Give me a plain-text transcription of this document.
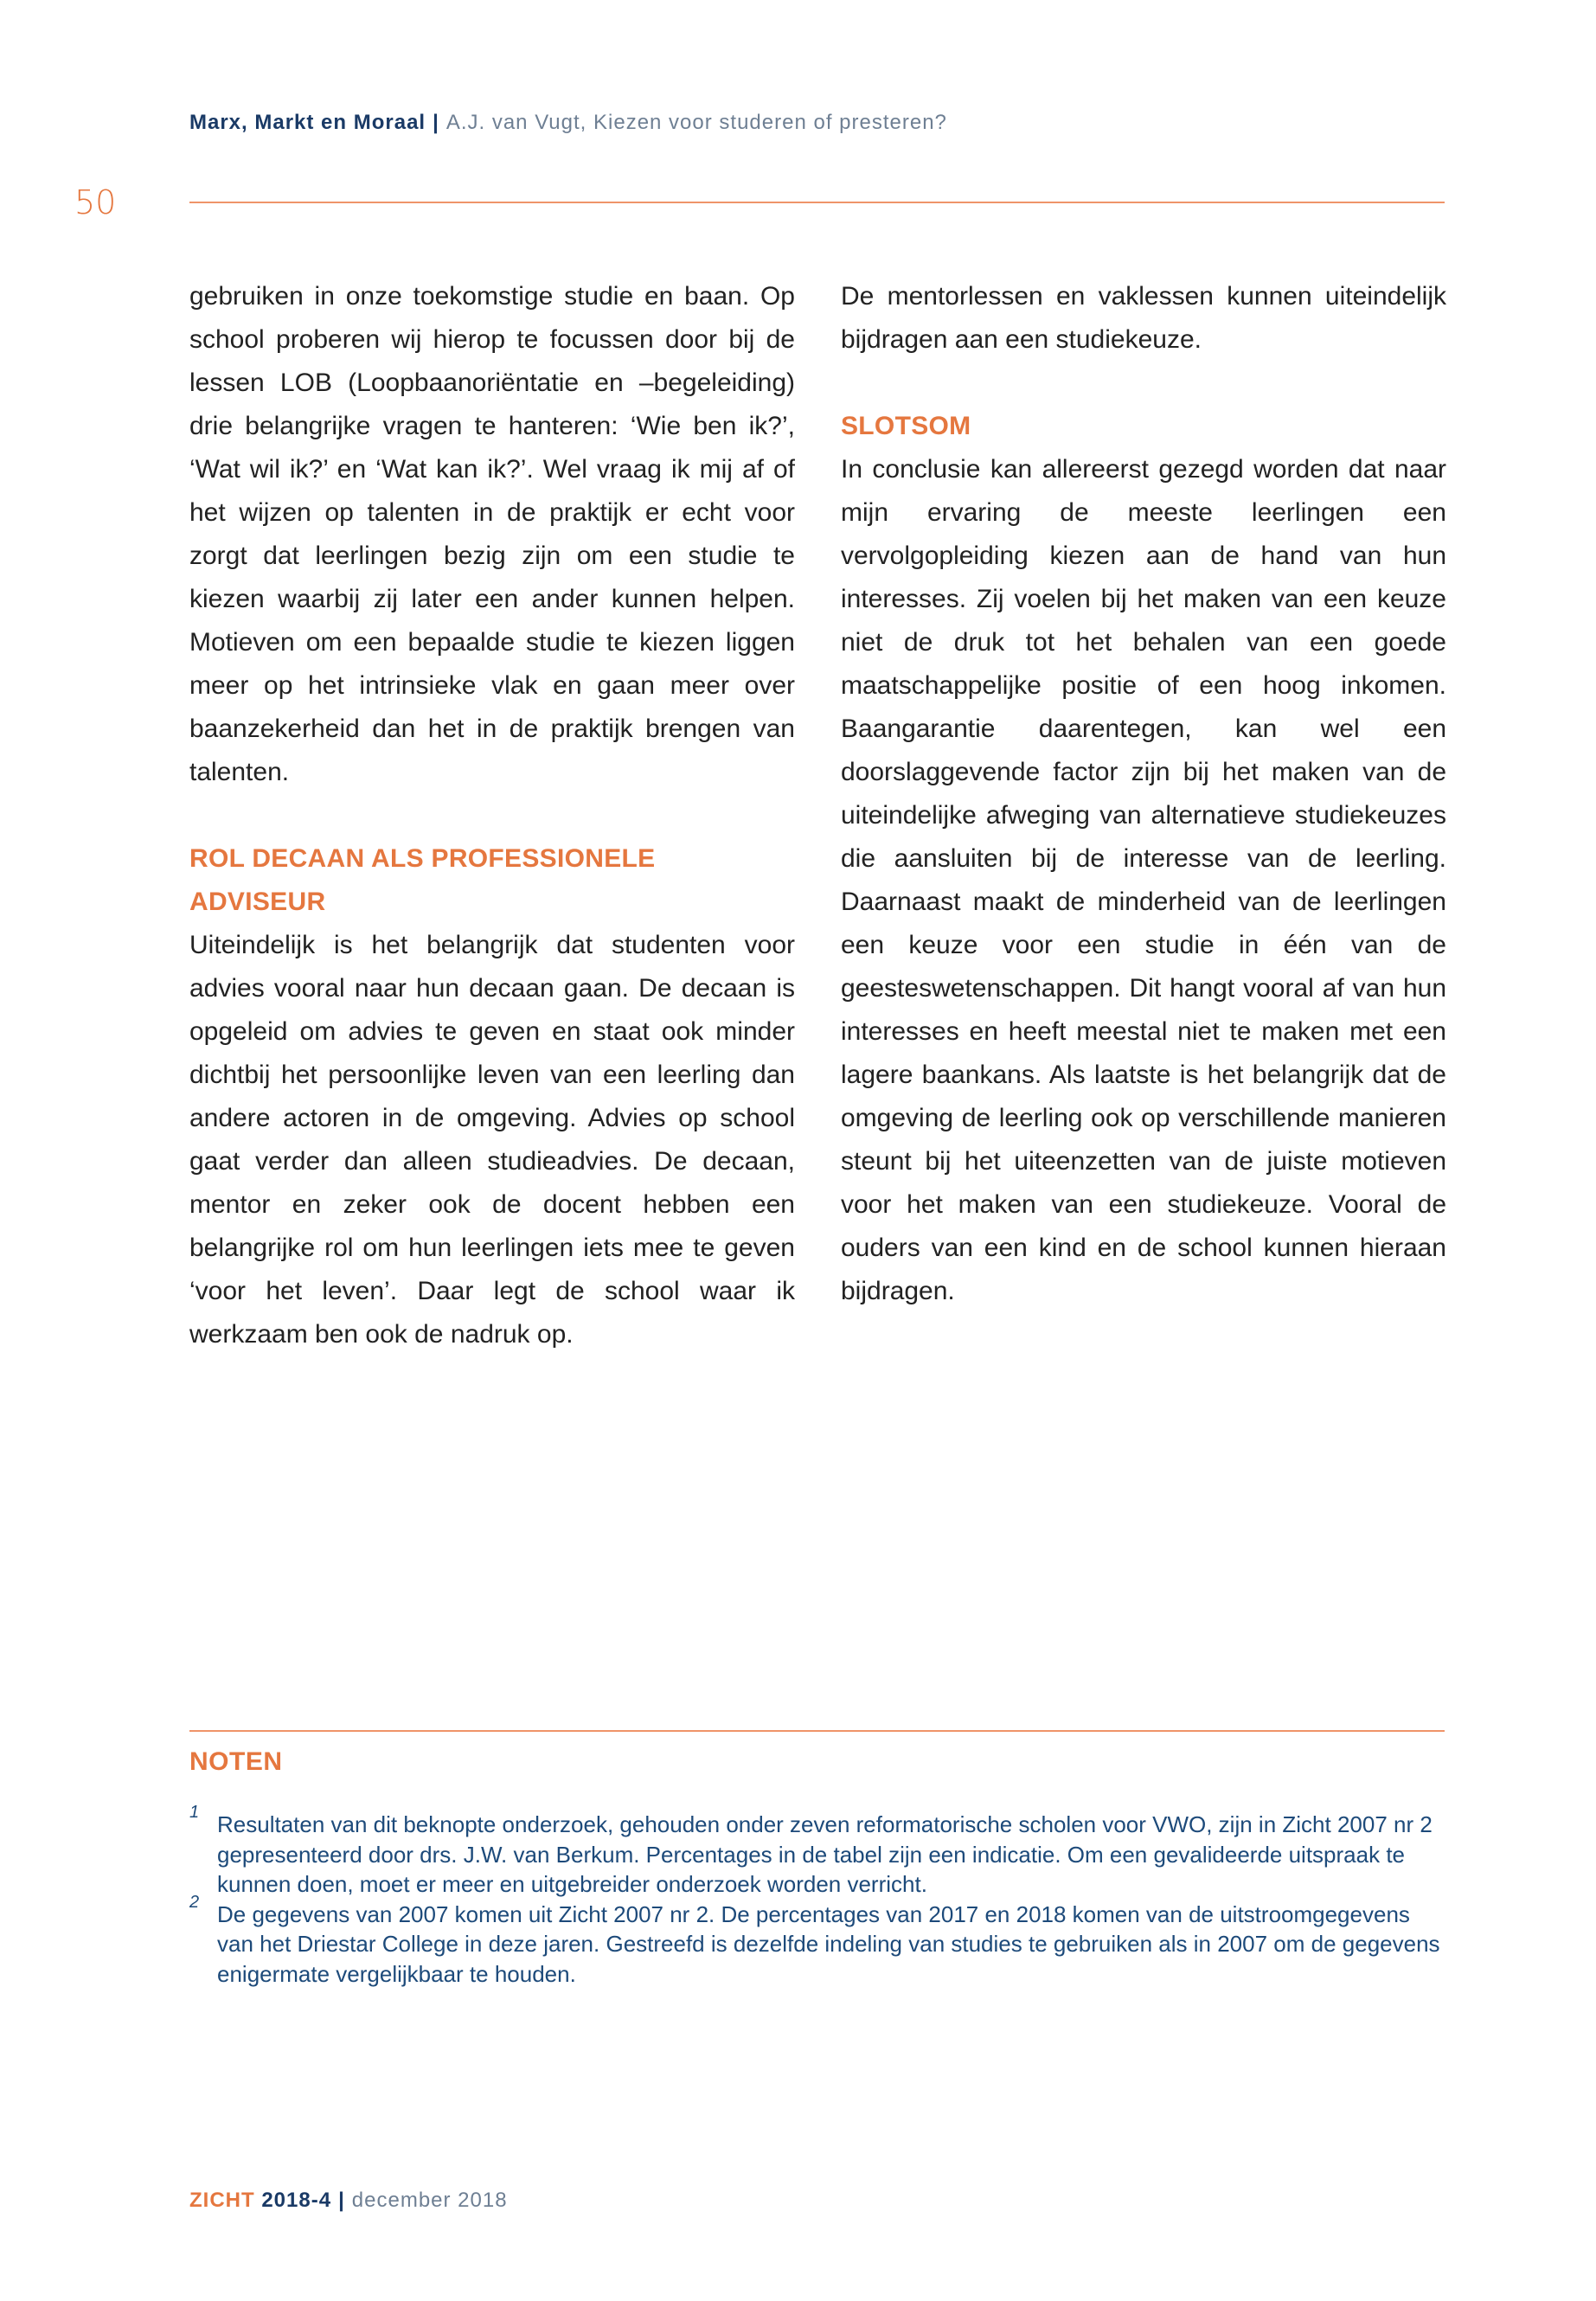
Marx, Markt en Moraal | A.J. van Vugt, Kiezen voor studeren of presteren?
50

gebruiken in onze toekomstige studie en baan. Op school proberen wij hierop te focussen door bij de lessen LOB (Loopbaanoriëntatie en –begeleiding) drie belangrijke vragen te hanteren: ‘Wie ben ik?’, ‘Wat wil ik?’ en ‘Wat kan ik?’. Wel vraag ik mij af of het wijzen op talenten in de praktijk er echt voor zorgt dat leerlingen bezig zijn om een studie te kiezen waarbij zij later een ander kunnen helpen. Motieven om een bepaalde studie te kiezen liggen meer op het intrinsieke vlak en gaan meer over baanzekerheid dan het in de praktijk brengen van talenten.

ROL DECAAN ALS PROFESSIONELE ADVISEUR

Uiteindelijk is het belangrijk dat studenten voor advies vooral naar hun decaan gaan. De decaan is opgeleid om advies te geven en staat ook minder dichtbij het persoonlijke leven van een leerling dan andere actoren in de omgeving. Advies op school gaat verder dan alleen studieadvies. De decaan, mentor en zeker ook de docent hebben een belangrijke rol om hun leerlingen iets mee te geven ‘voor het leven’. Daar legt de school waar ik werkzaam ben ook de nadruk op.

De mentorlessen en vaklessen kunnen uiteindelijk bijdragen aan een studiekeuze.

SLOTSOM

In conclusie kan allereerst gezegd worden dat naar mijn ervaring de meeste leerlingen een vervolgopleiding kiezen aan de hand van hun interesses. Zij voelen bij het maken van een keuze niet de druk tot het behalen van een goede maatschappelijke positie of een hoog inkomen. Baangarantie daarentegen, kan wel een doorslaggevende factor zijn bij het maken van de uiteindelijke afweging van alternatieve studiekeuzes die aansluiten bij de interesse van de leerling. Daarnaast maakt de minderheid van de leerlingen een keuze voor een studie in één van de geesteswetenschappen. Dit hangt vooral af van hun interesses en heeft meestal niet te maken met een lagere baankans. Als laatste is het belangrijk dat de omgeving de leerling ook op verschillende manieren steunt bij het uiteenzetten van de juiste motieven voor het maken van een studiekeuze. Vooral de ouders van een kind en de school kunnen hieraan bijdragen.

NOTEN
1 Resultaten van dit beknopte onderzoek, gehouden onder zeven reformatorische scholen voor VWO, zijn in Zicht 2007 nr 2 gepresenteerd door drs. J.W. van Berkum. Percentages in de tabel zijn een indicatie. Om een gevalideerde uitspraak te kunnen doen, moet er meer en uitgebreider onderzoek worden verricht.
2 De gegevens van 2007 komen uit Zicht 2007 nr 2. De percentages van 2017 en 2018 komen van de uitstroomgegevens van het Driestar College in deze jaren. Gestreefd is dezelfde indeling van studies te gebruiken als in 2007 om de gegevens enigermate vergelijkbaar te houden.
ZICHT 2018-4 | december 2018
